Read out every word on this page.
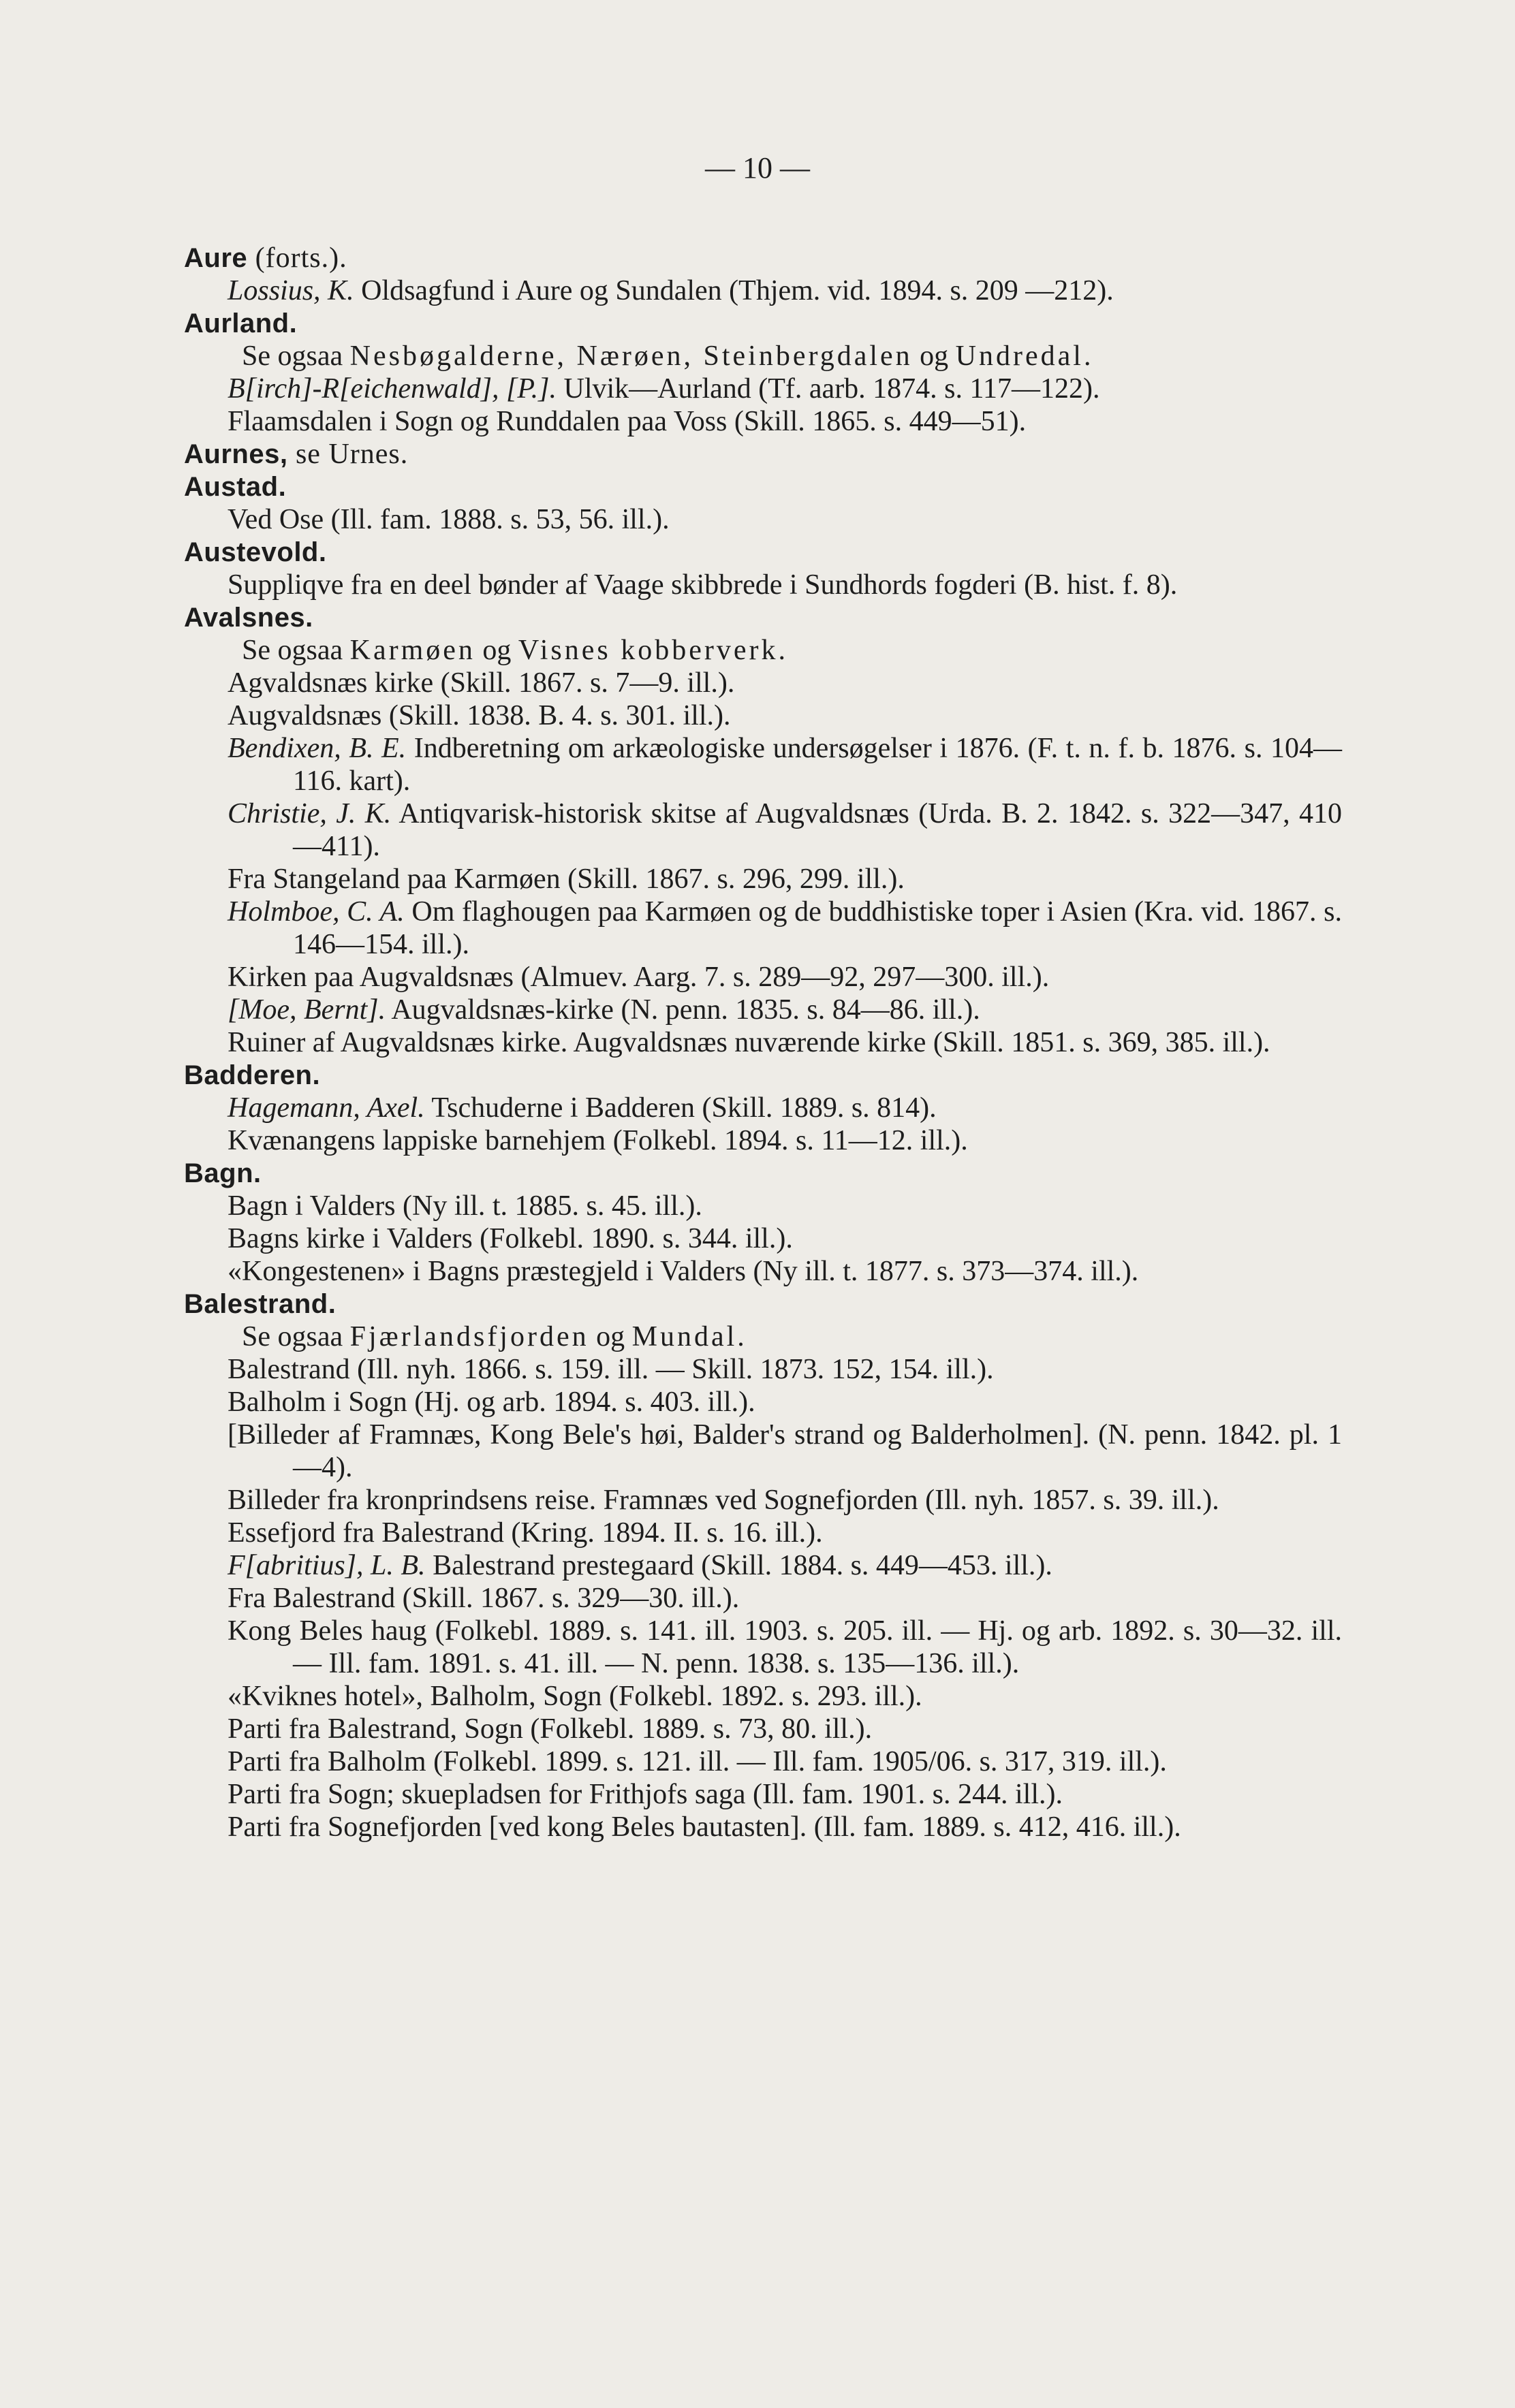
— 10 —

Aure (forts.).

Lossius, K. Oldsagfund i Aure og Sundalen (Thjem. vid. 1894. s. 209 —212).

Aurland.

Se ogsaa Nesbøgalderne, Nærøen, Steinbergdalen og Undredal.

B[irch]-R[eichenwald], [P.]. Ulvik—Aurland (Tf. aarb. 1874. s. 117—122).

Flaamsdalen i Sogn og Runddalen paa Voss (Skill. 1865. s. 449—51).

Aurnes, se Urnes.

Austad.

Ved Ose (Ill. fam. 1888. s. 53, 56. ill.).

Austevold.

Suppliqve fra en deel bønder af Vaage skibbrede i Sundhords fogderi (B. hist. f. 8).

Avalsnes.

Se ogsaa Karmøen og Visnes kobberverk.

Agvaldsnæs kirke (Skill. 1867. s. 7—9. ill.).

Augvaldsnæs (Skill. 1838. B. 4. s. 301. ill.).

Bendixen, B. E. Indberetning om arkæologiske undersøgelser i 1876. (F. t. n. f. b. 1876. s. 104—116. kart).

Christie, J. K. Antiqvarisk-historisk skitse af Augvaldsnæs (Urda. B. 2. 1842. s. 322—347, 410—411).

Fra Stangeland paa Karmøen (Skill. 1867. s. 296, 299. ill.).

Holmboe, C. A. Om flaghougen paa Karmøen og de buddhistiske toper i Asien (Kra. vid. 1867. s. 146—154. ill.).

Kirken paa Augvaldsnæs (Almuev. Aarg. 7. s. 289—92, 297—300. ill.).

[Moe, Bernt]. Augvaldsnæs-kirke (N. penn. 1835. s. 84—86. ill.).

Ruiner af Augvaldsnæs kirke. Augvaldsnæs nuværende kirke (Skill. 1851. s. 369, 385. ill.).

Badderen.

Hagemann, Axel. Tschuderne i Badderen (Skill. 1889. s. 814).

Kvænangens lappiske barnehjem (Folkebl. 1894. s. 11—12. ill.).

Bagn.

Bagn i Valders (Ny ill. t. 1885. s. 45. ill.).

Bagns kirke i Valders (Folkebl. 1890. s. 344. ill.).

«Kongestenen» i Bagns præstegjeld i Valders (Ny ill. t. 1877. s. 373—374. ill.).

Balestrand.

Se ogsaa Fjærlandsfjorden og Mundal.

Balestrand (Ill. nyh. 1866. s. 159. ill. — Skill. 1873. 152, 154. ill.).

Balholm i Sogn (Hj. og arb. 1894. s. 403. ill.).

[Billeder af Framnæs, Kong Bele's høi, Balder's strand og Balderholmen]. (N. penn. 1842. pl. 1—4).

Billeder fra kronprindsens reise. Framnæs ved Sognefjorden (Ill. nyh. 1857. s. 39. ill.).

Essefjord fra Balestrand (Kring. 1894. II. s. 16. ill.).

F[abritius], L. B. Balestrand prestegaard (Skill. 1884. s. 449—453. ill.).

Fra Balestrand (Skill. 1867. s. 329—30. ill.).

Kong Beles haug (Folkebl. 1889. s. 141. ill. 1903. s. 205. ill. — Hj. og arb. 1892. s. 30—32. ill. — Ill. fam. 1891. s. 41. ill. — N. penn. 1838. s. 135—136. ill.).

«Kviknes hotel», Balholm, Sogn (Folkebl. 1892. s. 293. ill.).

Parti fra Balestrand, Sogn (Folkebl. 1889. s. 73, 80. ill.).

Parti fra Balholm (Folkebl. 1899. s. 121. ill. — Ill. fam. 1905/06. s. 317, 319. ill.).

Parti fra Sogn; skuepladsen for Frithjofs saga (Ill. fam. 1901. s. 244. ill.).

Parti fra Sognefjorden [ved kong Beles bautasten]. (Ill. fam. 1889. s. 412, 416. ill.).
